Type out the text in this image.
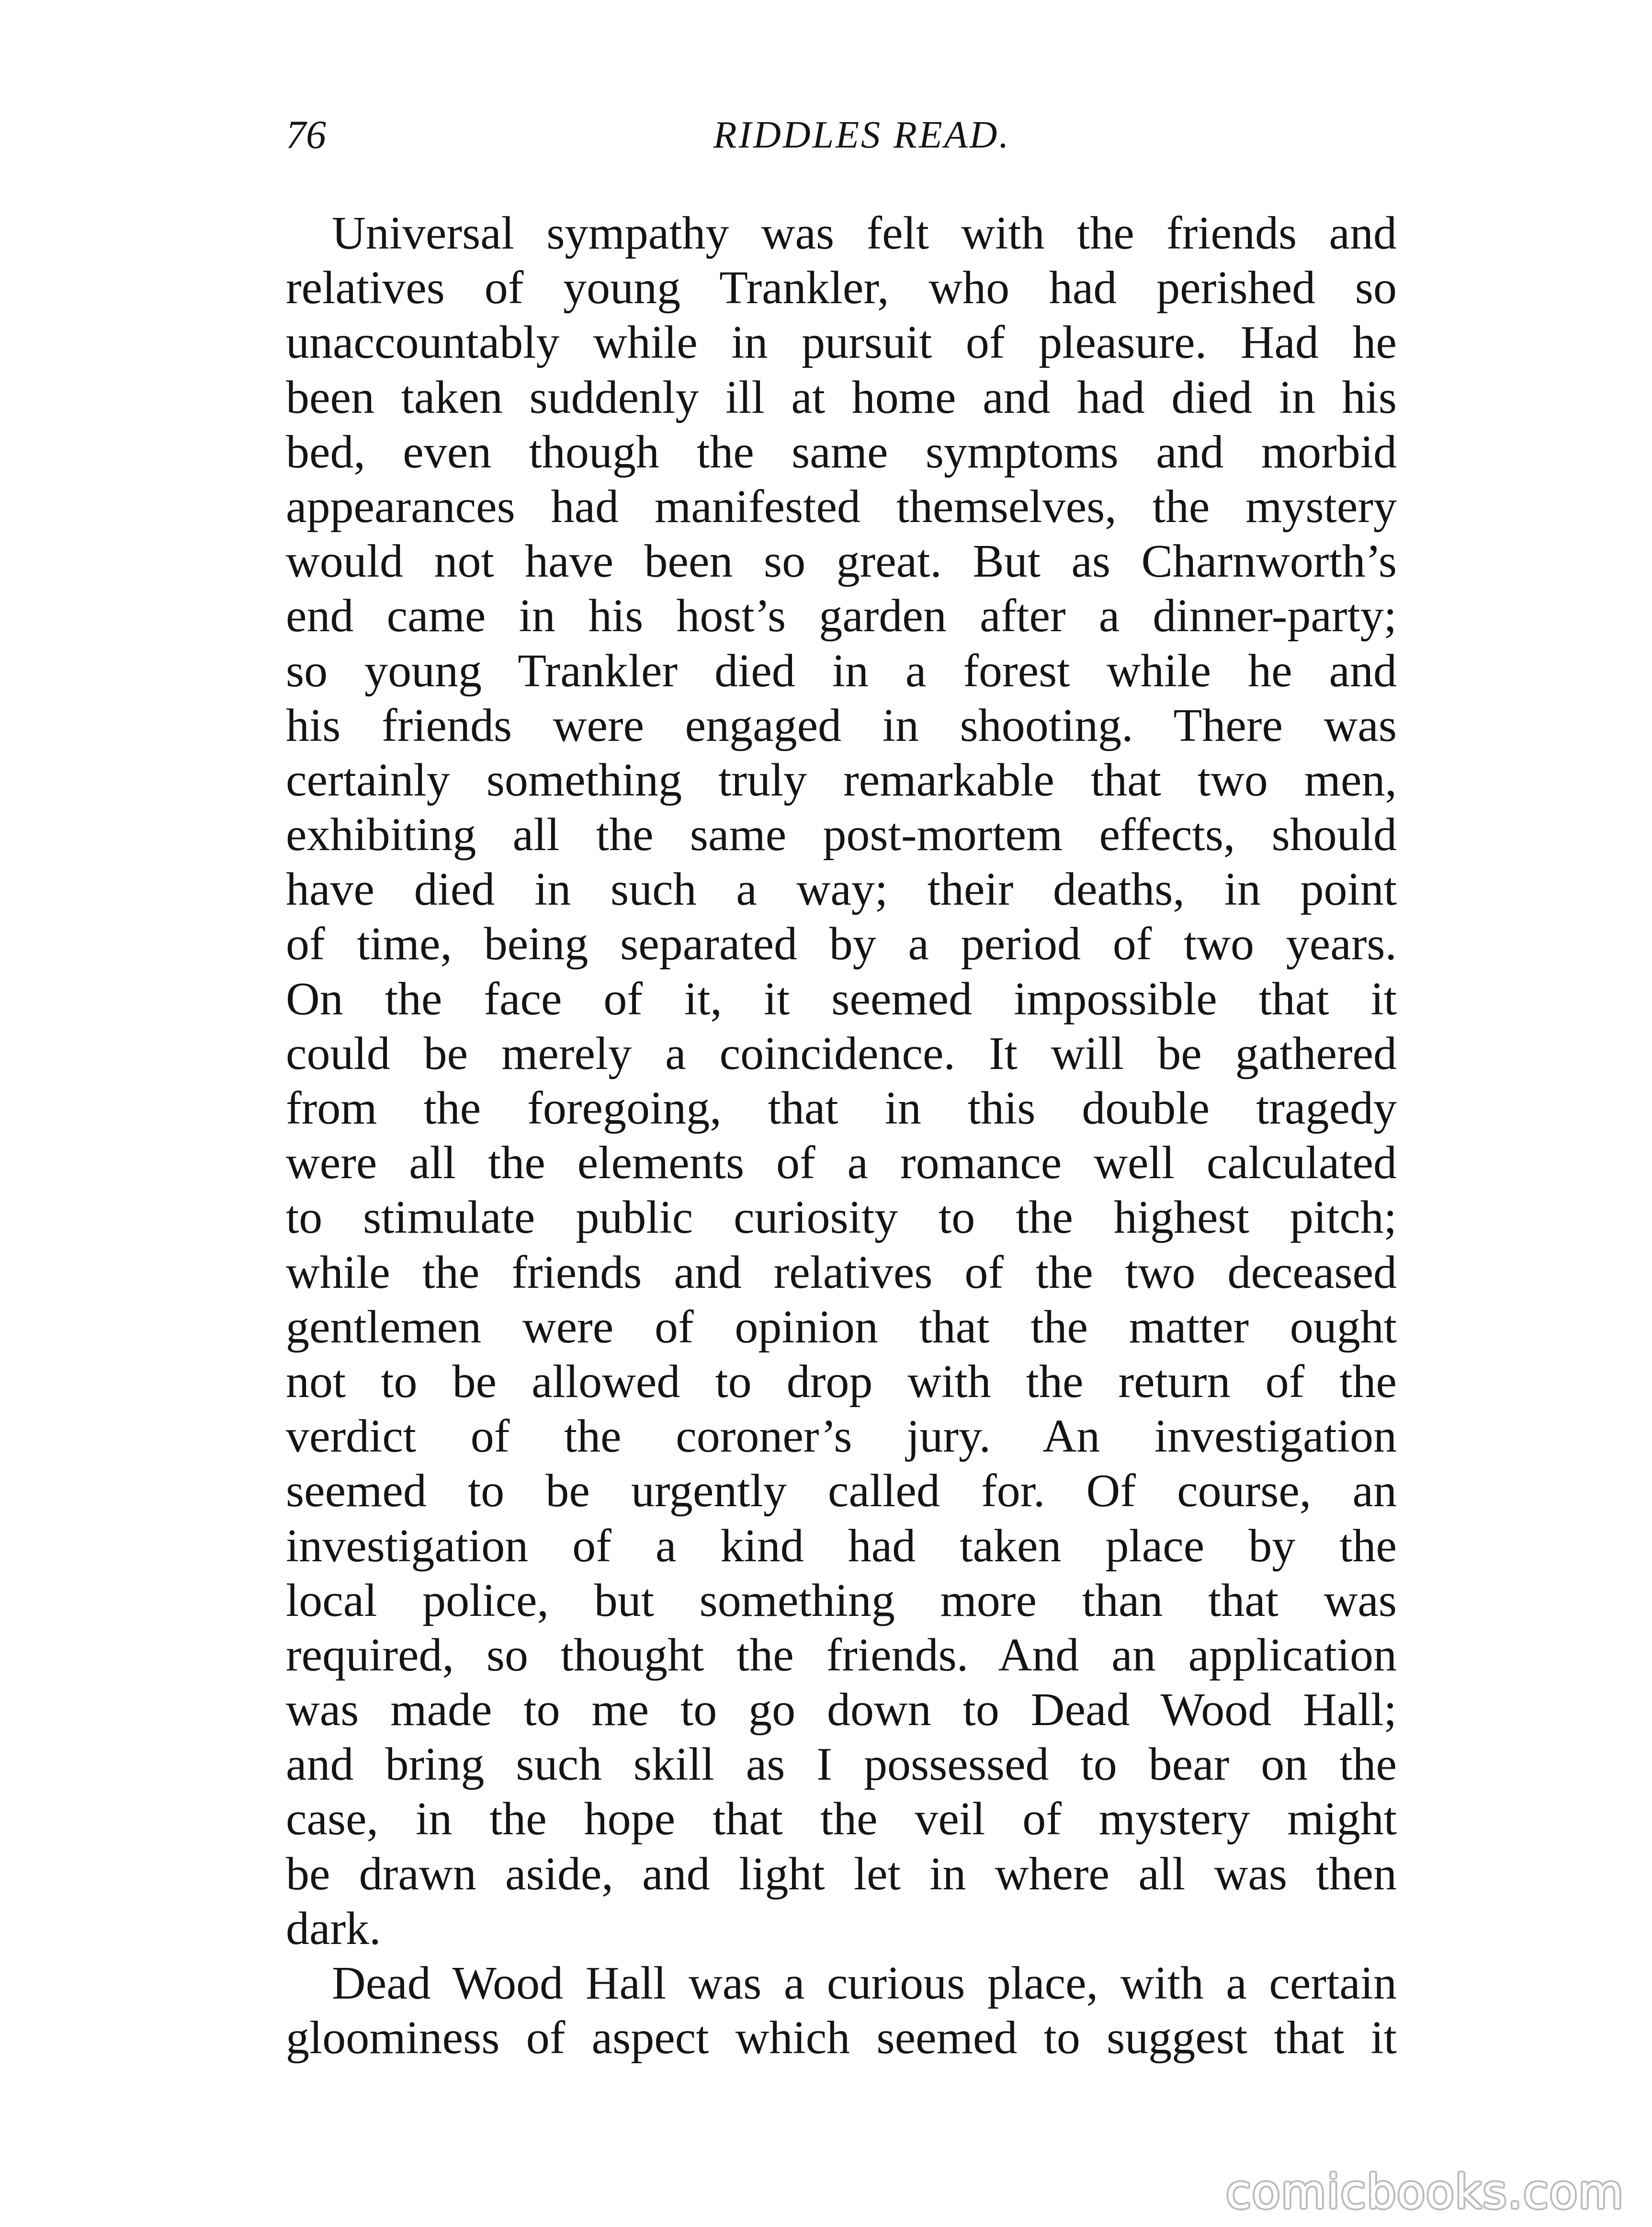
76	RIDDLES READ.
Universal sympathy was felt with the friends and
relatives of young Trankler, who had perished so
unaccountably while in pursuit of pleasure. Had he
been taken suddenly ill at home and had died in his
bed, even though the same symptoms and morbid
appearances had manifested themselves, the mystery
would not have been so great. But as Charnworth’s
end came in his host’s garden after a dinner-party;
so young Trankler died in a forest while he and
his friends were engaged in shooting. There was
certainly something truly remarkable that two men,
exhibiting all the same post-mortem effects, should
have died in such a way; their deaths, in point
of time, being separated by a period of two years.
On the face of it, it seemed impossible that it
could be merely a coincidence. It will be gathered
from the foregoing, that in this double tragedy
were all the elements of a romance well calculated
to stimulate public curiosity to the highest pitch;
while the friends and relatives of the two deceased
gentlemen were of opinion that the matter ought
not to be allowed to drop with the return of the
verdict of the coroner’s jury. An investigation
seemed to be urgently called for. Of course, an
investigation of a kind had taken place by the
local police, but something more than that was
required, so thought the friends. And an application
was made to me to go down to Dead Wood Hall;
and bring such skill as I possessed to bear on the
case, in the hope that the veil of mystery might
be drawn aside, and light let in where all was then
dark.
Dead Wood Hall was a curious place, with a certain
gloominess of aspect which seemed to suggest that it
comicbooks.com
